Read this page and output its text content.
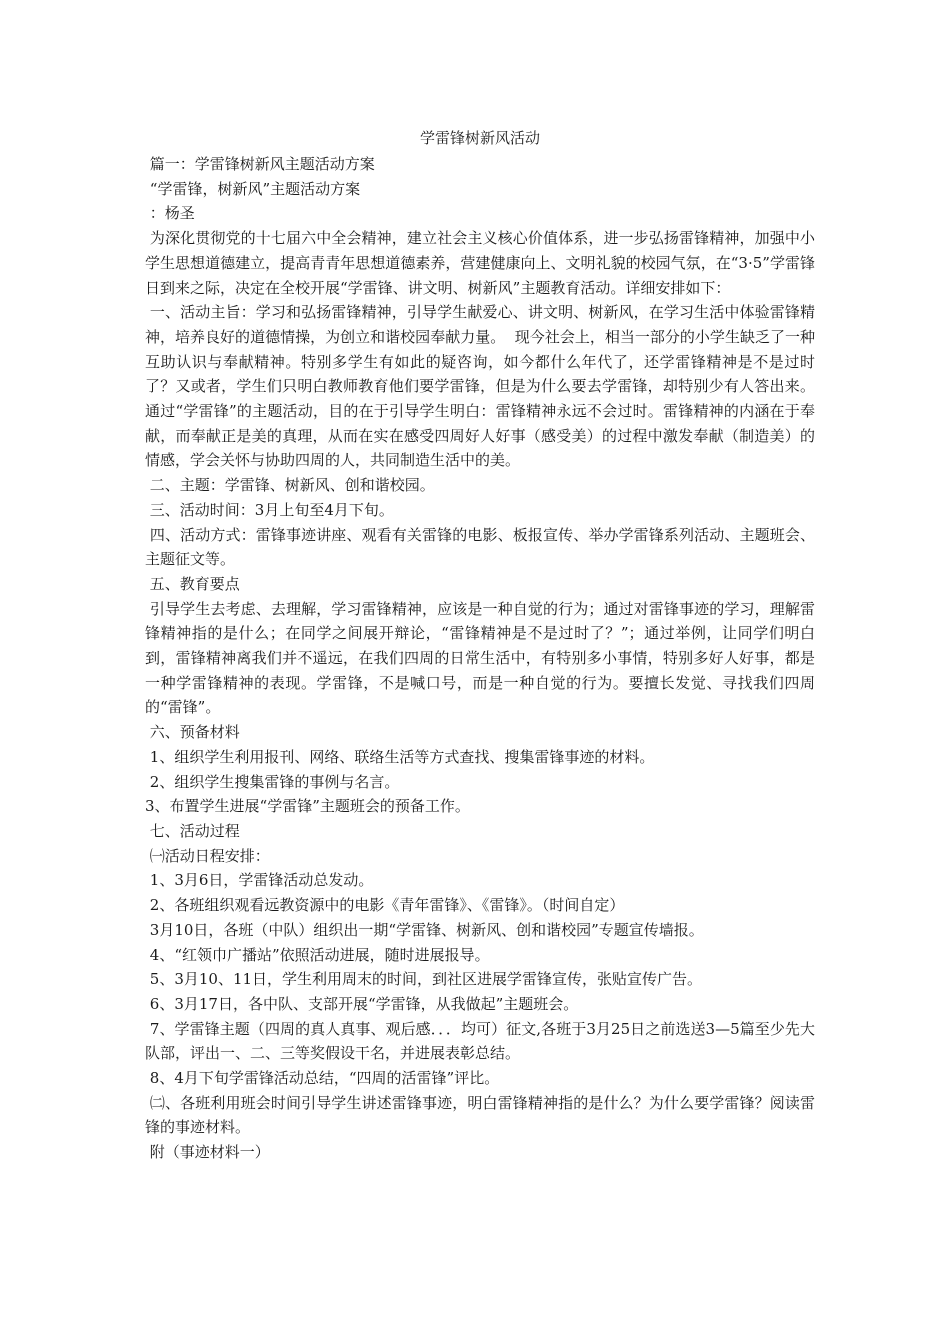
学雷锋树新风活动

篇一：学雷锋树新风主题活动方案

“学雷锋，树新风”主题活动方案

：杨圣

为深化贯彻党的十七届六中全会精神，建立社会主义核心价值体系，进一步弘扬雷锋精神，加强中小学生思想道德建立，提高青青年思想道德素养，营建健康向上、文明礼貌的校园气氛，在“3·5”学雷锋日到来之际，决定在全校开展“学雷锋、讲文明、树新风”主题教育活动。详细安排如下：

一、活动主旨：学习和弘扬雷锋精神，引导学生献爱心、讲文明、树新风，在学习生活中体验雷锋精神，培养良好的道德情操，为创立和谐校园奉献力量。  现今社会上，相当一部分的小学生缺乏了一种互助认识与奉献精神。特别多学生有如此的疑咨询，如今都什么年代了，还学雷锋精神是不是过时了？又或者，学生们只明白教师教育他们要学雷锋，但是为什么要去学雷锋，却特别少有人答出来。通过“学雷锋”的主题活动，目的在于引导学生明白：雷锋精神永远不会过时。雷锋精神的内涵在于奉献，而奉献正是美的真理，从而在实在感受四周好人好事（感受美）的过程中激发奉献（制造美）的情感，学会关怀与协助四周的人，共同制造生活中的美。

二、主题：学雷锋、树新风、创和谐校园。

三、活动时间：3月上旬至4月下旬。

四、活动方式：雷锋事迹讲座、观看有关雷锋的电影、板报宣传、举办学雷锋系列活动、主题班会、主题征文等。

五、教育要点

引导学生去考虑、去理解，学习雷锋精神，应该是一种自觉的行为；通过对雷锋事迹的学习，理解雷锋精神指的是什么；在同学之间展开辩论，“雷锋精神是不是过时了？”；通过举例，让同学们明白到，雷锋精神离我们并不遥远，在我们四周的日常生活中，有特别多小事情，特别多好人好事，都是一种学雷锋精神的表现。学雷锋，不是喊口号，而是一种自觉的行为。要擅长发觉、寻找我们四周的“雷锋”。

六、预备材料

1、组织学生利用报刊、网络、联络生活等方式查找、搜集雷锋事迹的材料。

2、组织学生搜集雷锋的事例与名言。

3、布置学生进展“学雷锋”主题班会的预备工作。

七、活动过程

㈠活动日程安排：

1、3月6日，学雷锋活动总发动。

2、各班组织观看远教资源中的电影《青年雷锋》、《雷锋》。（时间自定）

3月10日，各班（中队）组织出一期“学雷锋、树新风、创和谐校园”专题宣传墙报。

4、“红领巾广播站”依照活动进展，随时进展报导。

5、3月10、11日，学生利用周末的时间，到社区进展学雷锋宣传，张贴宣传广告。

6、3月17日，各中队、支部开展“学雷锋，从我做起”主题班会。

7、学雷锋主题（四周的真人真事、观后感．．．均可）征文,各班于3月25日之前选送3—5篇至少先大队部，评出一、二、三等奖假设干名，并进展表彰总结。

8、4月下旬学雷锋活动总结，“四周的活雷锋”评比。

㈡、各班利用班会时间引导学生讲述雷锋事迹，明白雷锋精神指的是什么？为什么要学雷锋？阅读雷锋的事迹材料。

附（事迹材料一）
